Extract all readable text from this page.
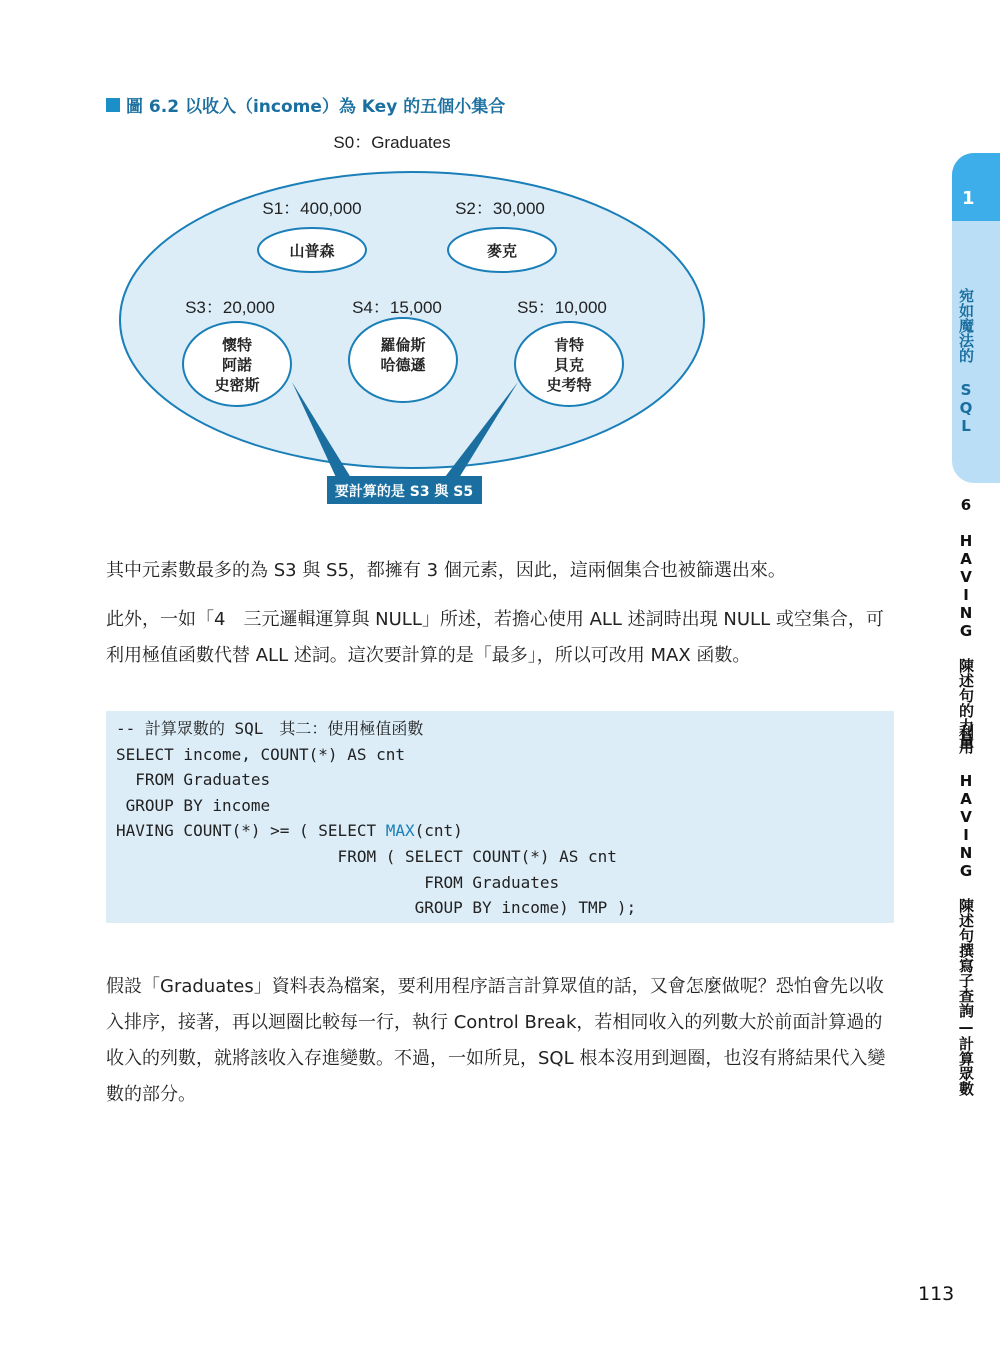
圖 6.2 以收入（income）為 Key 的五個小集合
S0：Graduates
S1：400,000
山普森
S2：30,000
麥克
S3：20,000
懷特
阿諾
史密斯
S4：15,000
羅倫斯
哈德遜
S5：10,000
肯特
貝克
史考特
要計算的是 S3 與 S5

其中元素數最多的為 S3 與 S5，都擁有 3 個元素，因此，這兩個集合也被篩選出來。

此外，一如「4　三元邏輯運算與 NULL」所述，若擔心使用 ALL 述詞時出現 NULL 或空集合，可利用極值函數代替 ALL 述詞。這次要計算的是「最多」，所以可改用 MAX 函數。

-- 計算眾數的 SQL　其二：使用極值函數
SELECT income, COUNT(*) AS cnt
FROM Graduates
GROUP BY income
HAVING COUNT(*) >= ( SELECT MAX(cnt)
FROM ( SELECT COUNT(*) AS cnt
FROM Graduates
GROUP BY income) TMP );

假設「Graduates」資料表為檔案，要利用程序語言計算眾值的話，又會怎麼做呢？恐怕會先以收入排序，接著，再以迴圈比較每一行，執行 Control Break，若相同收入的列數大於前面計算過的收入的列數，就將該收入存進變數。不過，一如所見，SQL 根本沒用到迴圈，也沒有將結果代入變數的部分。

1
宛如魔法的 SQL
6 HAVING 陳述句的力量
利用 HAVING 陳述句撰寫子查詢—計算眾數
113
